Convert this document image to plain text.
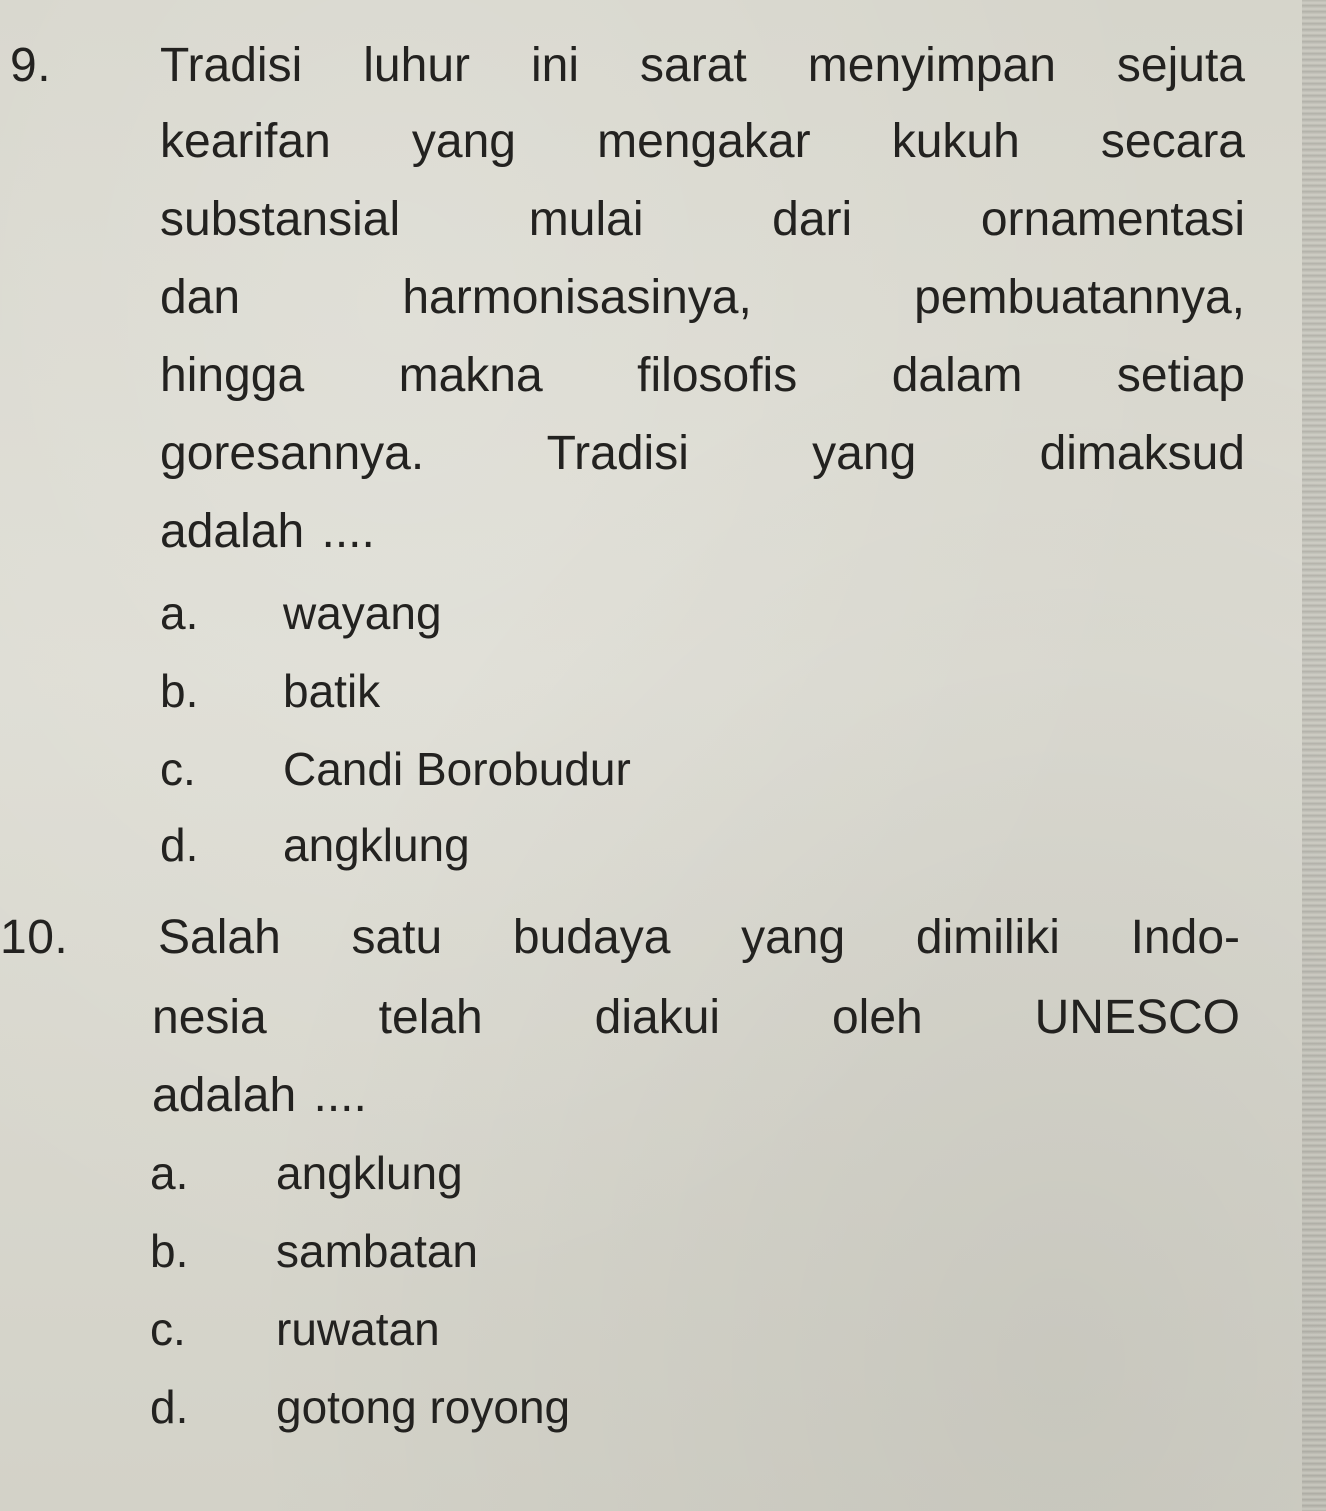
9. Tradisi luhur ini sarat menyimpan sejuta
kearifan yang mengakar kukuh secara
substansial mulai dari ornamentasi
dan harmonisasinya, pembuatannya,
hingga makna filosofis dalam setiap
goresannya. Tradisi yang dimaksud
adalah ....
a. wayang
b. batik
c. Candi Borobudur
d. angklung
10. Salah satu budaya yang dimiliki Indo-
nesia telah diakui oleh UNESCO
adalah ....
a. angklung
b. sambatan
c. ruwatan
d. gotong royong
